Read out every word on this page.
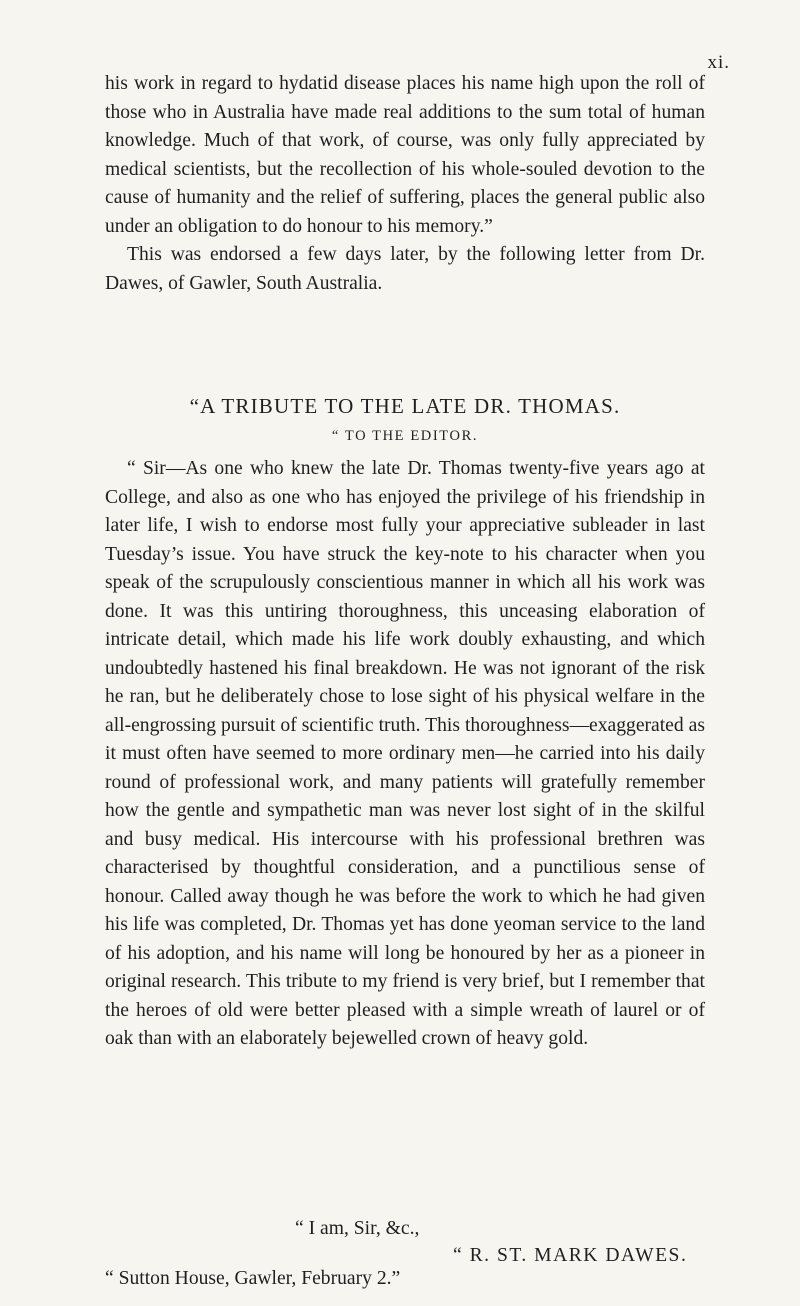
xi.

his work in regard to hydatid disease places his name high upon the roll of those who in Australia have made real additions to the sum total of human knowledge. Much of that work, of course, was only fully appreciated by medical scientists, but the recollection of his whole-souled devotion to the cause of humanity and the relief of suffering, places the general public also under an obligation to do honour to his memory.”

This was endorsed a few days later, by the following letter from Dr. Dawes, of Gawler, South Australia.

“A TRIBUTE TO THE LATE DR. THOMAS.
“ TO THE EDITOR.

“ Sir—As one who knew the late Dr. Thomas twenty-five years ago at College, and also as one who has enjoyed the privilege of his friendship in later life, I wish to endorse most fully your appreciative subleader in last Tuesday’s issue. You have struck the key-note to his character when you speak of the scrupulously conscientious manner in which all his work was done. It was this untiring thoroughness, this unceasing elaboration of intricate detail, which made his life work doubly exhausting, and which undoubtedly hastened his final breakdown. He was not ignorant of the risk he ran, but he deliberately chose to lose sight of his physical welfare in the all-engrossing pursuit of scientific truth. This thoroughness—exaggerated as it must often have seemed to more ordinary men—he carried into his daily round of professional work, and many patients will gratefully remember how the gentle and sympathetic man was never lost sight of in the skilful and busy medical. His intercourse with his professional brethren was characterised by thoughtful consideration, and a punctilious sense of honour. Called away though he was before the work to which he had given his life was completed, Dr. Thomas yet has done yeoman service to the land of his adoption, and his name will long be honoured by her as a pioneer in original research. This tribute to my friend is very brief, but I remember that the heroes of old were better pleased with a simple wreath of laurel or of oak than with an elaborately bejewelled crown of heavy gold.

“ I am, Sir, &c.,
“ R. ST. MARK DAWES.
“ Sutton House, Gawler, February 2.”
